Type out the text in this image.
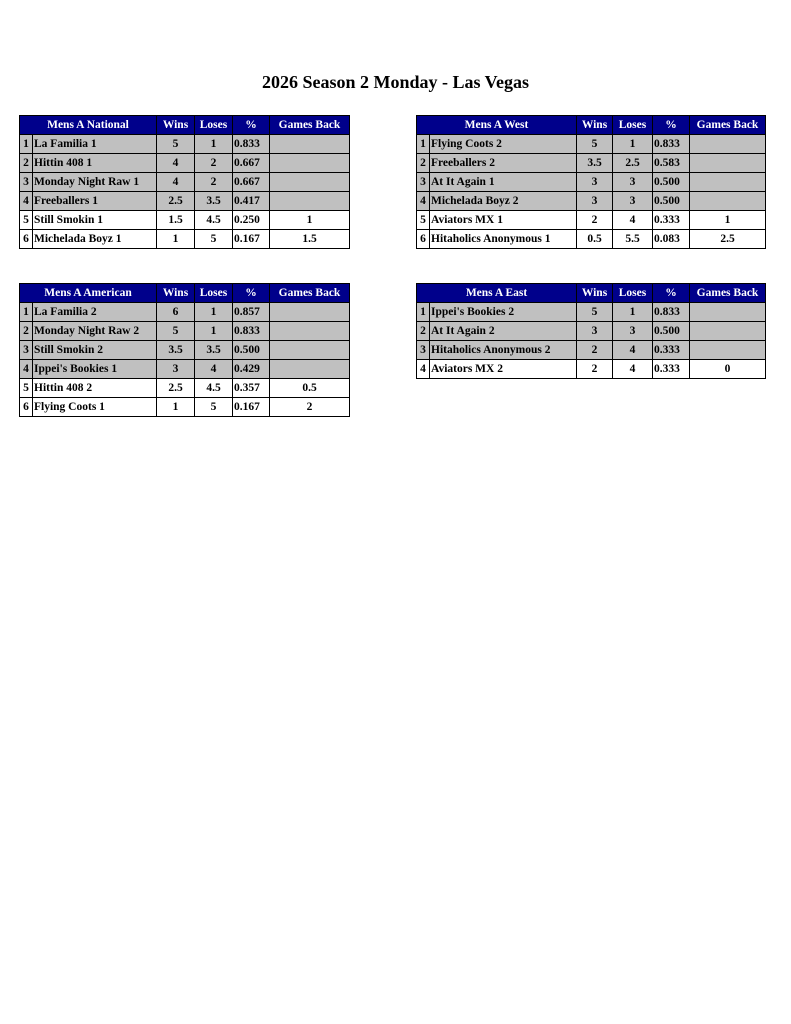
2026 Season 2 Monday - Las Vegas
Mens A National		Wins	Loses	%	Games Back
1	La Familia 1	5	1	0.833	
2	Hittin 408 1	4	2	0.667	
3	Monday Night Raw 1	4	2	0.667	
4	Freeballers 1	2.5	3.5	0.417	
5	Still Smokin 1	1.5	4.5	0.250	1
6	Michelada Boyz 1	1	5	0.167	1.5
Mens A West		Wins	Loses	%	Games Back
1	Flying Coots 2	5	1	0.833	
2	Freeballers 2	3.5	2.5	0.583	
3	At It Again 1	3	3	0.500	
4	Michelada Boyz 2	3	3	0.500	
5	Aviators MX 1	2	4	0.333	1
6	Hitaholics Anonymous 1	0.5	5.5	0.083	2.5
Mens A American		Wins	Loses	%	Games Back
1	La Familia 2	6	1	0.857	
2	Monday Night Raw 2	5	1	0.833	
3	Still Smokin 2	3.5	3.5	0.500	
4	Ippei's Bookies 1	3	4	0.429	
5	Hittin 408 2	2.5	4.5	0.357	0.5
6	Flying Coots 1	1	5	0.167	2
Mens A East		Wins	Loses	%	Games Back
1	Ippei's Bookies 2	5	1	0.833	
2	At It Again 2	3	3	0.500	
3	Hitaholics Anonymous 2	2	4	0.333	
4	Aviators MX 2	2	4	0.333	0
